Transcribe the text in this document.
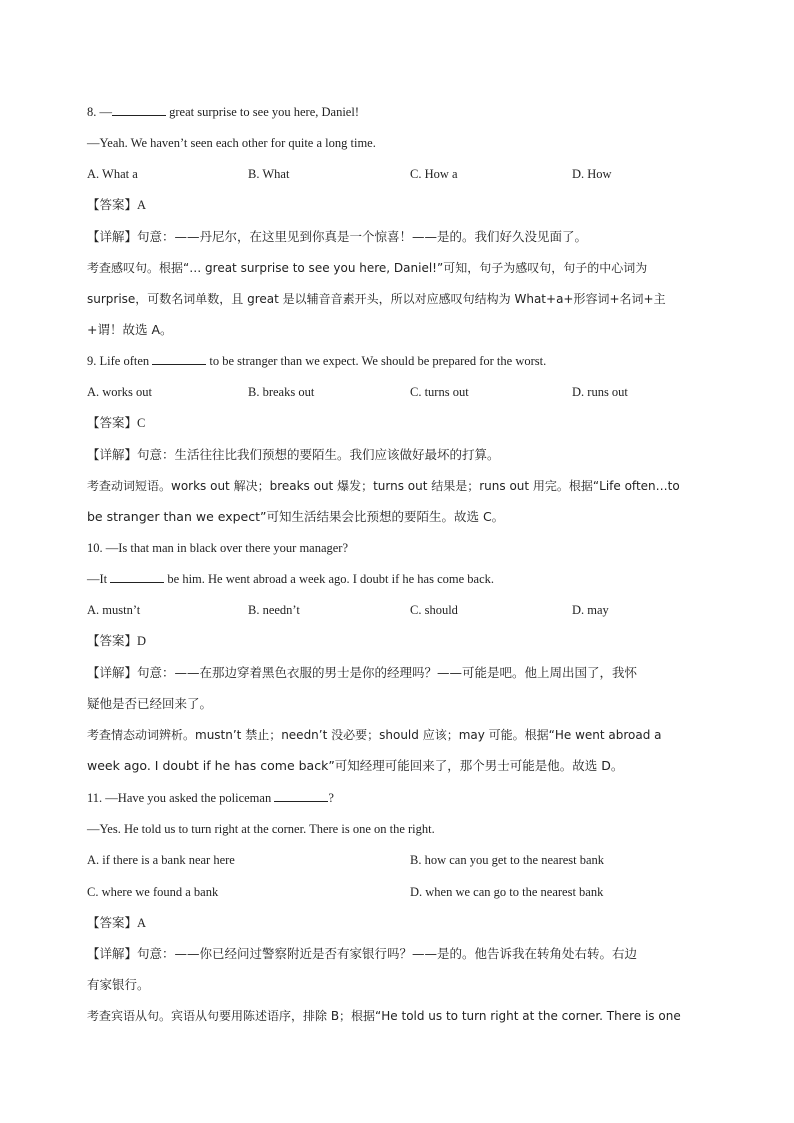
8. —	great surprise to see you here, Daniel!
—Yeah. We haven’t seen each other for quite a long time.
A. What a	B. What	C. How a	D. How
【答案】A
【详解】句意：——丹尼尔，在这里见到你真是一个惊喜！——是的。我们好久没见面了。
考查感叹句。根据“… great surprise to see you here, Daniel!”可知，句子为感叹句，句子的中心词为
surprise，可数名词单数，且 great 是以辅音音素开头，所以对应感叹句结构为 What+a+形容词+名词+主
+谓！故选 A。
9. Life often	to be stranger than we expect. We should be prepared for the worst.
A. works out	B. breaks out	C. turns out	D. runs out
【答案】C
【详解】句意：生活往往比我们预想的要陌生。我们应该做好最坏的打算。
考查动词短语。works out 解决；breaks out 爆发；turns out 结果是；runs out 用完。根据“Life often…to
be stranger than we expect”可知生活结果会比预想的要陌生。故选 C。
10. —Is that man in black over there your manager?
—It	be him. He went abroad a week ago. I doubt if he has come back.
A. mustn’t	B. needn’t	C. should	D. may
【答案】D
【详解】句意：——在那边穿着黑色衣服的男士是你的经理吗？——可能是吧。他上周出国了，我怀
疑他是否已经回来了。
考查情态动词辨析。mustn’t 禁止；needn’t 没必要；should 应该；may 可能。根据“He went abroad a
week ago. I doubt if he has come back”可知经理可能回来了，那个男士可能是他。故选 D。
11. —Have you asked the policeman	?
—Yes. He told us to turn right at the corner. There is one on the right.
A. if there is a bank near here	B. how can you get to the nearest bank
C. where we found a bank	D. when we can go to the nearest bank
【答案】A
【详解】句意：——你已经问过警察附近是否有家银行吗？——是的。他告诉我在转角处右转。右边
有家银行。
考查宾语从句。宾语从句要用陈述语序，排除 B；根据“He told us to turn right at the corner. There is one
